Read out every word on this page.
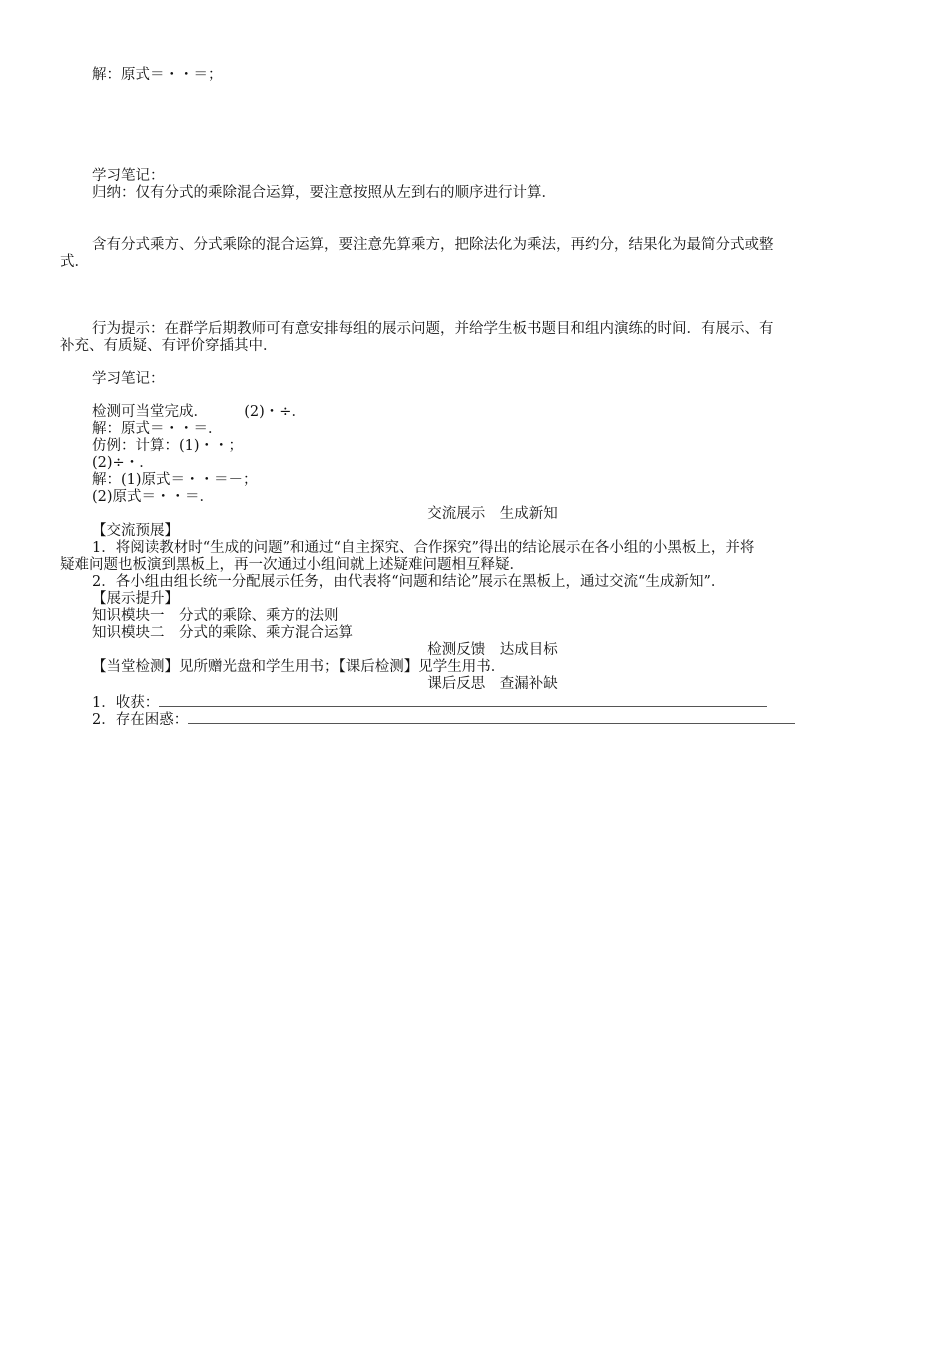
解：原式＝・・＝；
学习笔记：
归纳：仅有分式的乘除混合运算，要注意按照从左到右的顺序进行计算．
含有分式乘方、分式乘除的混合运算，要注意先算乘方，把除法化为乘法，再约分，结果化为最简分式或整
式．
行为提示：在群学后期教师可有意安排每组的展示问题，并给学生板书题目和组内演练的时间．有展示、有
补充、有质疑、有评价穿插其中．
学习笔记：
检测可当堂完成．　　　(2)・÷．
解：原式＝・・＝．
仿例：计算：(1)・・；
(2)÷・．
解：(1)原式＝・・＝－；
(2)原式＝・・＝．
交流展示　生成新知
【交流预展】
1．将阅读教材时“生成的问题”和通过“自主探究、合作探究”得出的结论展示在各小组的小黑板上，并将
疑难问题也板演到黑板上，再一次通过小组间就上述疑难问题相互释疑．
2．各小组由组长统一分配展示任务，由代表将“问题和结论”展示在黑板上，通过交流“生成新知”．
【展示提升】
知识模块一　分式的乘除、乘方的法则
知识模块二　分式的乘除、乘方混合运算
检测反馈　达成目标
【当堂检测】见所赠光盘和学生用书；【课后检测】见学生用书．
课后反思　查漏补缺
1．收获：
2．存在困惑：
